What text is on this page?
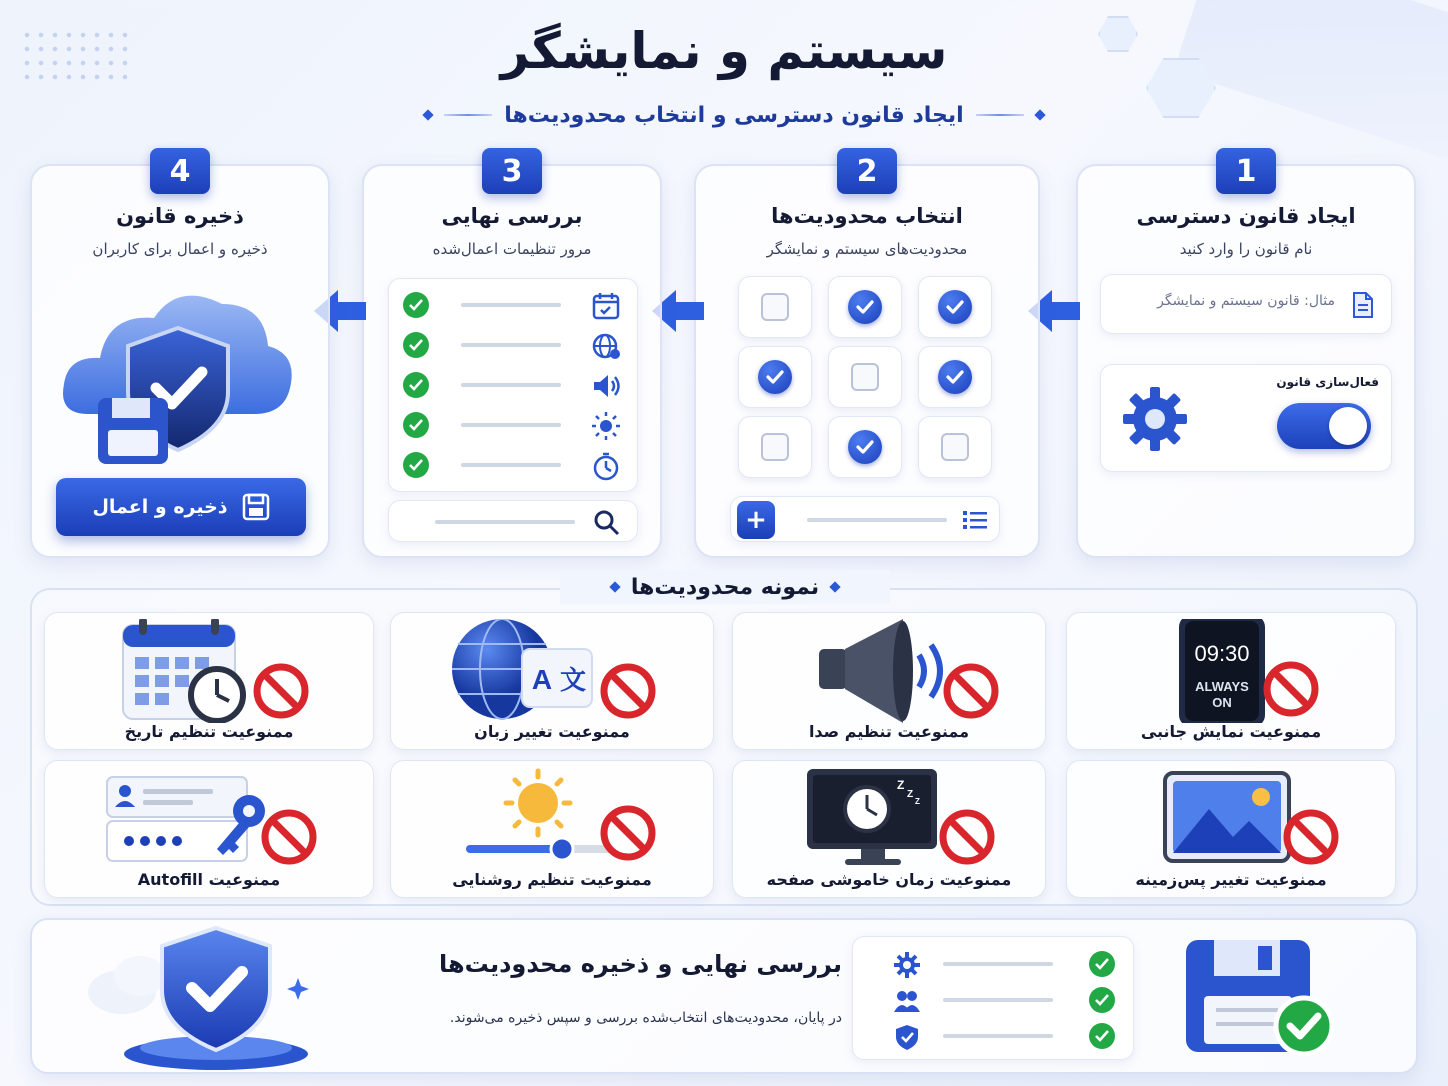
سیستم و نمایشگر
ایجاد قانون دسترسی و انتخاب محدودیت‌ها
1
ایجاد قانون دسترسی
نام قانون را وارد کنید
مثال: قانون سیستم و نمایشگر
فعال‌سازی قانون
2
انتخاب محدودیت‌ها
محدودیت‌های سیستم و نمایشگر
+
3
بررسی نهایی
مرور تنظیمات اعمال‌شده
4
ذخیره قانون
ذخیره و اعمال برای کاربران
ذخیره و اعمال
نمونه محدودیت‌ها
09:30
ALWAYS
ON
ممنوعیت نمایش جانبی
ممنوعیت تنظیم صدا
A 文
ممنوعیت تغییر زبان
ممنوعیت تنظیم تاریخ
ممنوعیت تغییر پس‌زمینه
Z
Z
Z
ممنوعیت زمان خاموشی صفحه
ممنوعیت تنظیم روشنایی
ممنوعیت Autofill
بررسی نهایی و ذخیره محدودیت‌ها
در پایان، محدودیت‌های انتخاب‌شده بررسی و سپس ذخیره می‌شوند.
